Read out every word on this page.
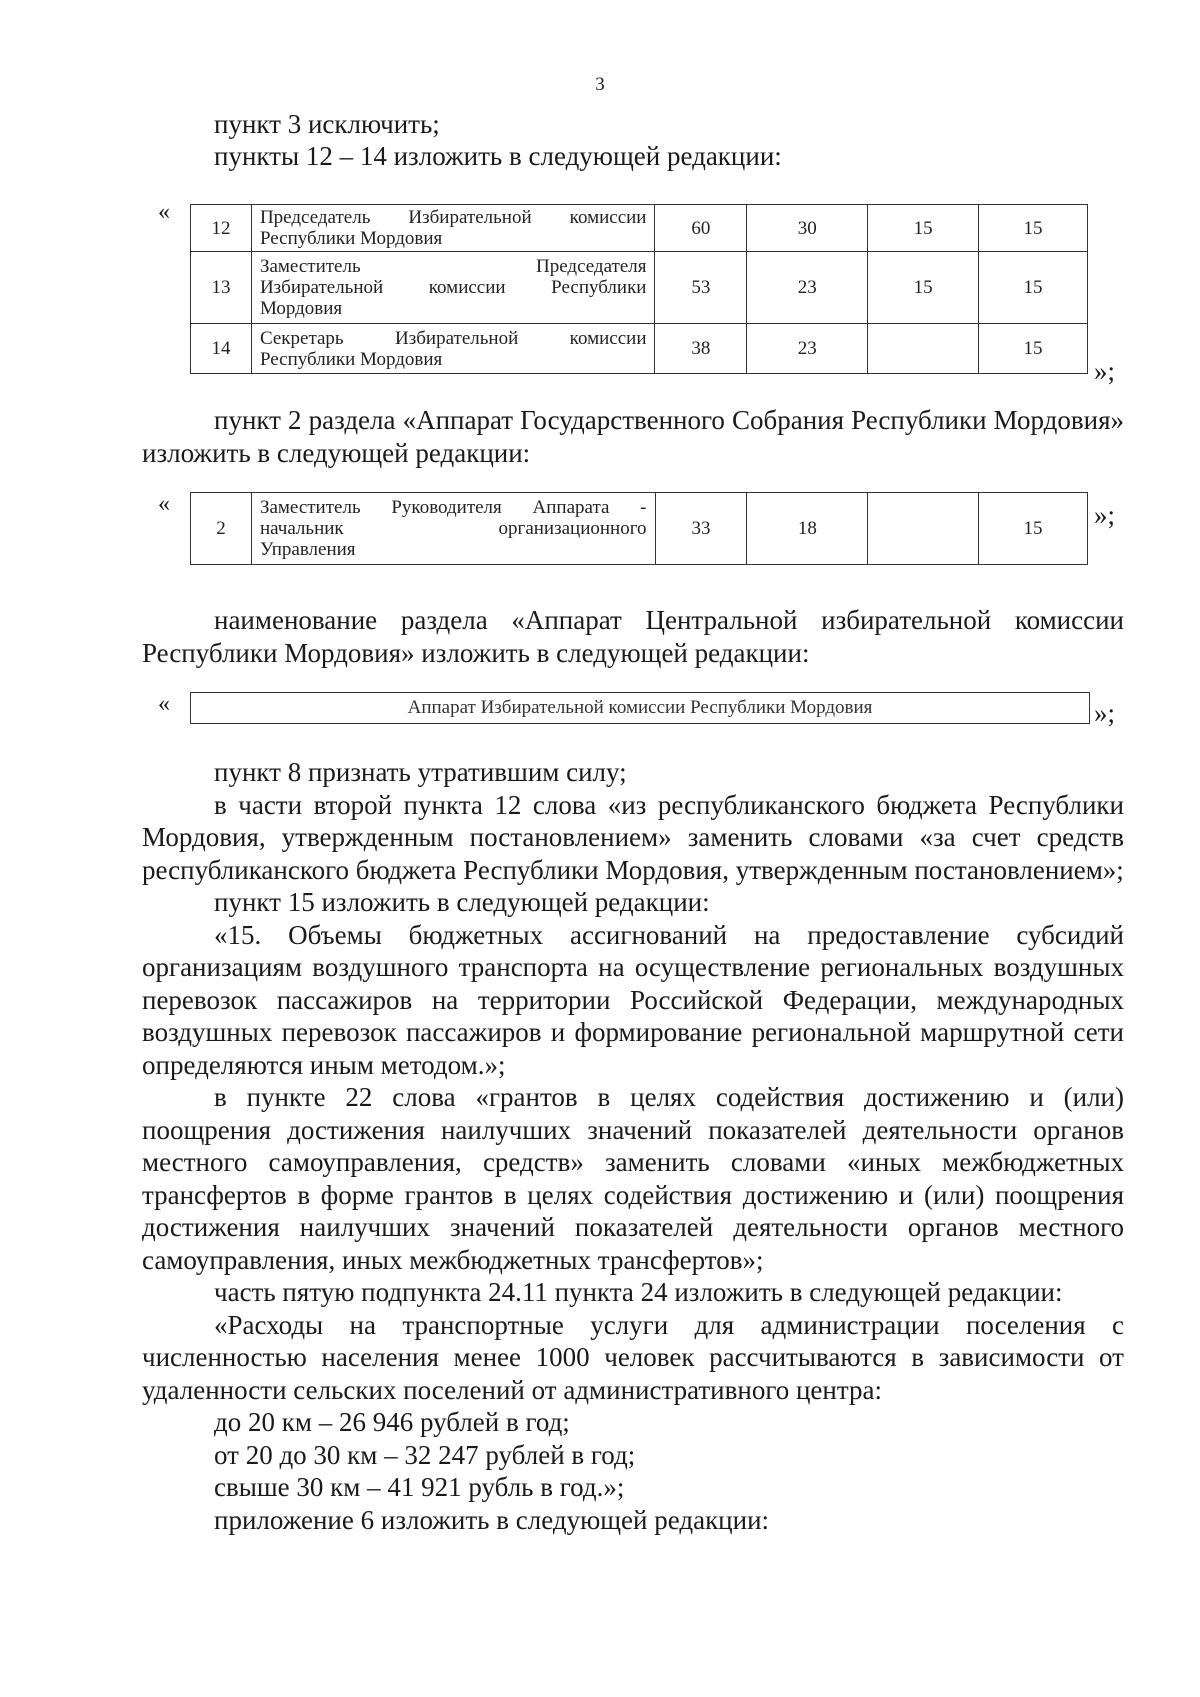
3
пункт 3 исключить;
пункты 12 – 14 изложить в следующей редакции:
«
12	Председатель Избирательной комиссии
Республики Мордовия	60	30	15	15
13	Заместитель Председателя
Избирательной комиссии Республики
Мордовия	53	23	15	15
14	Секретарь Избирательной комиссии
Республики Мордовия	38	23		15
»;
пункт 2 раздела «Аппарат Государственного Собрания Республики Мордовия» изложить в следующей редакции:
«
2	Заместитель Руководителя Аппарата -
начальник организационного
Управления
	33	18		15 »;
наименование раздела «Аппарат Центральной избирательной комиссии Республики Мордовия» изложить в следующей редакции:
«	Аппарат Избирательной комиссии Республики Мордовия	»;
пункт 8 признать утратившим силу;
в части второй пункта 12 слова «из республиканского бюджета Республики Мордовия, утвержденным постановлением» заменить словами «за счет средств республиканского бюджета Республики Мордовия, утвержденным постановлением»;
пункт 15 изложить в следующей редакции:
«15. Объемы бюджетных ассигнований на предоставление субсидий организациям воздушного транспорта на осуществление региональных воздушных перевозок пассажиров на территории Российской Федерации, международных воздушных перевозок пассажиров и формирование региональной маршрутной сети определяются иным методом.»;
в пункте 22 слова «грантов в целях содействия достижению и (или) поощрения достижения наилучших значений показателей деятельности органов местного самоуправления, средств» заменить словами «иных межбюджетных трансфертов в форме грантов в целях содействия достижению и (или) поощрения достижения наилучших значений показателей деятельности органов местного самоуправления, иных межбюджетных трансфертов»;
часть пятую подпункта 24.11 пункта 24 изложить в следующей редакции:
«Расходы на транспортные услуги для администрации поселения с численностью населения менее 1000 человек рассчитываются в зависимости от удаленности сельских поселений от административного центра:
до 20 км – 26 946 рублей в год;
от 20 до 30 км – 32 247 рублей в год;
свыше 30 км – 41 921 рубль в год.»;
приложение 6 изложить в следующей редакции:
